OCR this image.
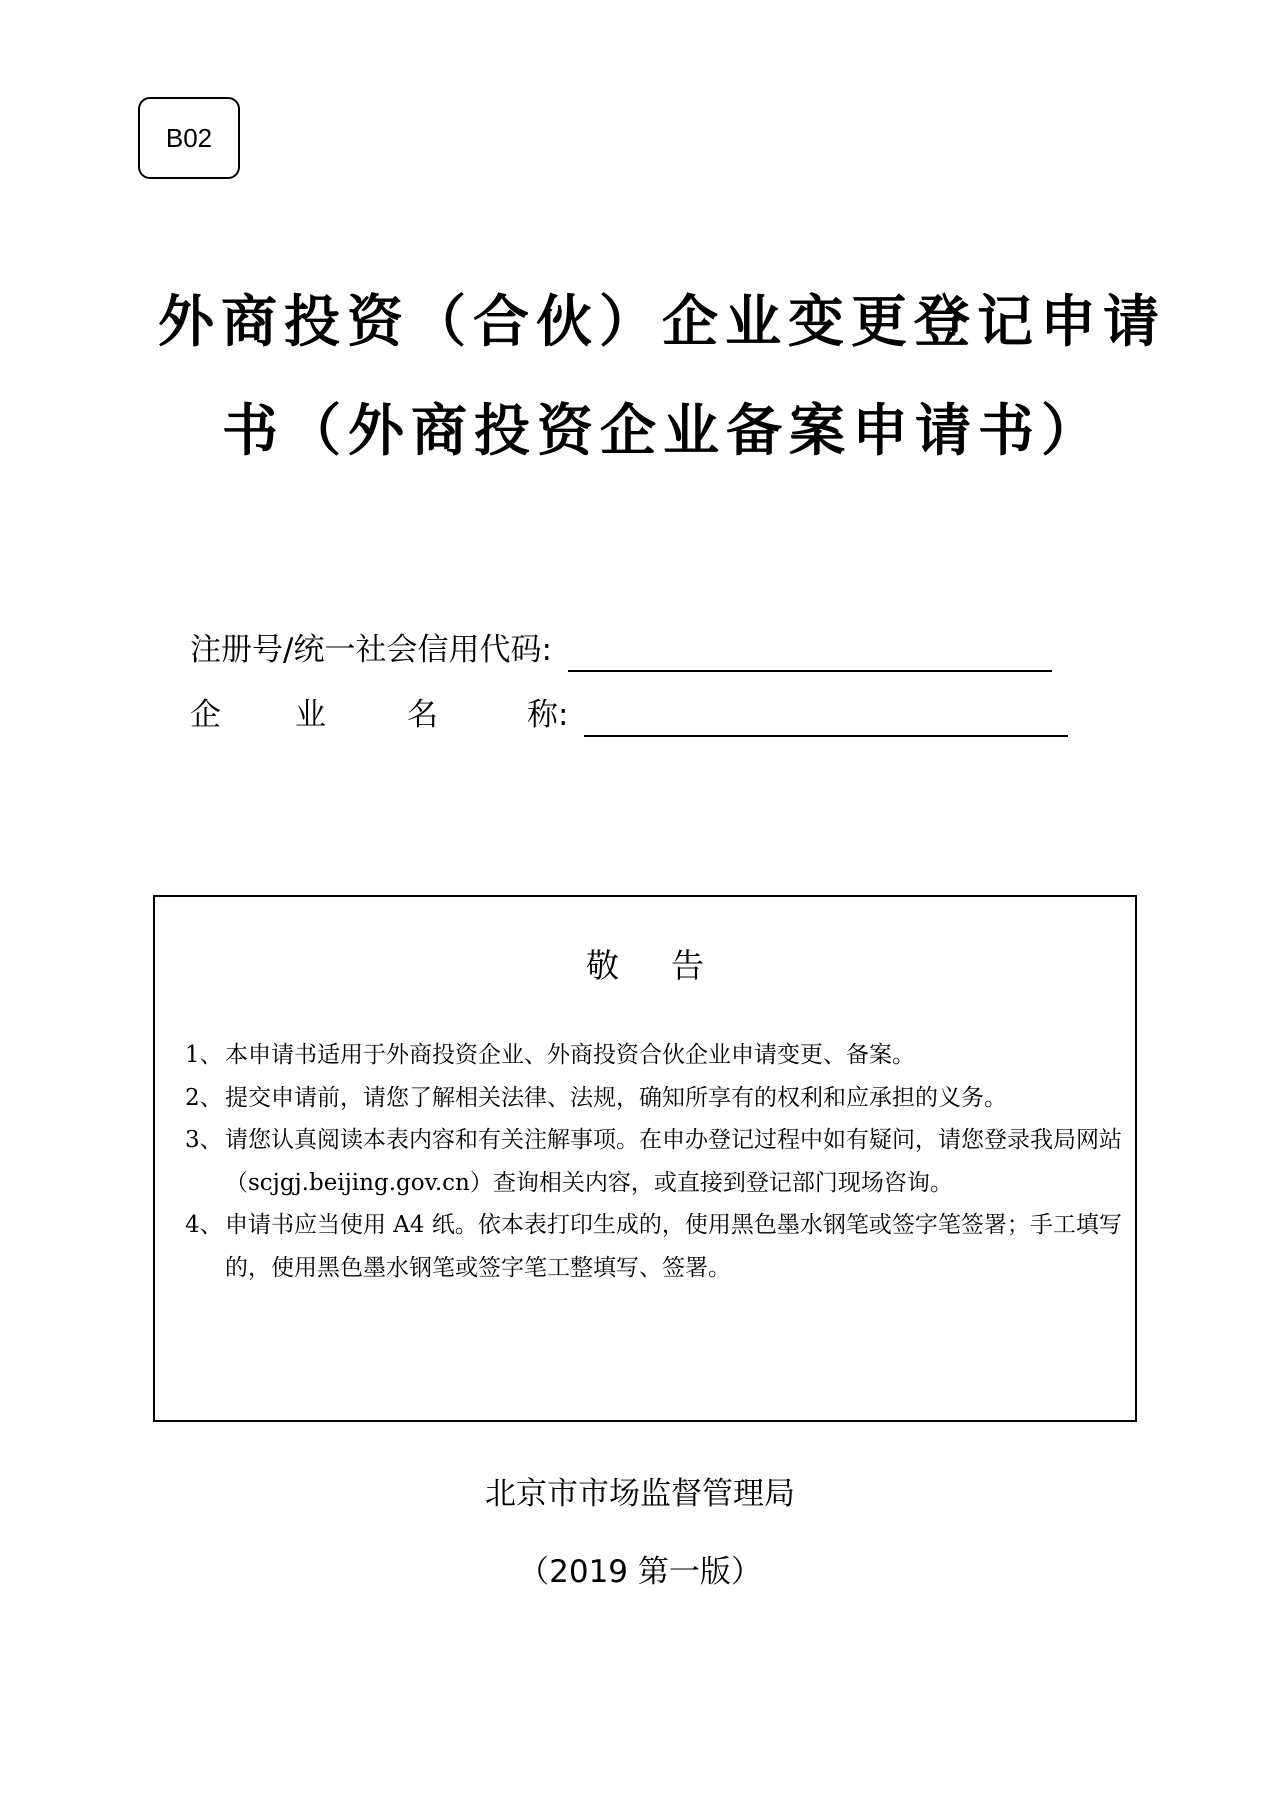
B02
外商投资（合伙）企业变更登记申请
书（外商投资企业备案申请书）
注册号/统一社会信用代码:
企 业	名	称:
敬告
1、 本申请书适用于外商投资企业、外商投资合伙企业申请变更、备案。
2、 提交申请前，请您了解相关法律、法规，确知所享有的权利和应承担的义务。
3、 请您认真阅读本表内容和有关注解事项。在申办登记过程中如有疑问，请您登录我局网站（scjgj.beijing.gov.cn）查询相关内容，或直接到登记部门现场咨询。
4、 申请书应当使用 A4 纸。依本表打印生成的，使用黑色墨水钢笔或签字笔签署；手工填写的，使用黑色墨水钢笔或签字笔工整填写、签署。
北京市市场监督管理局
（2019 第一版）
